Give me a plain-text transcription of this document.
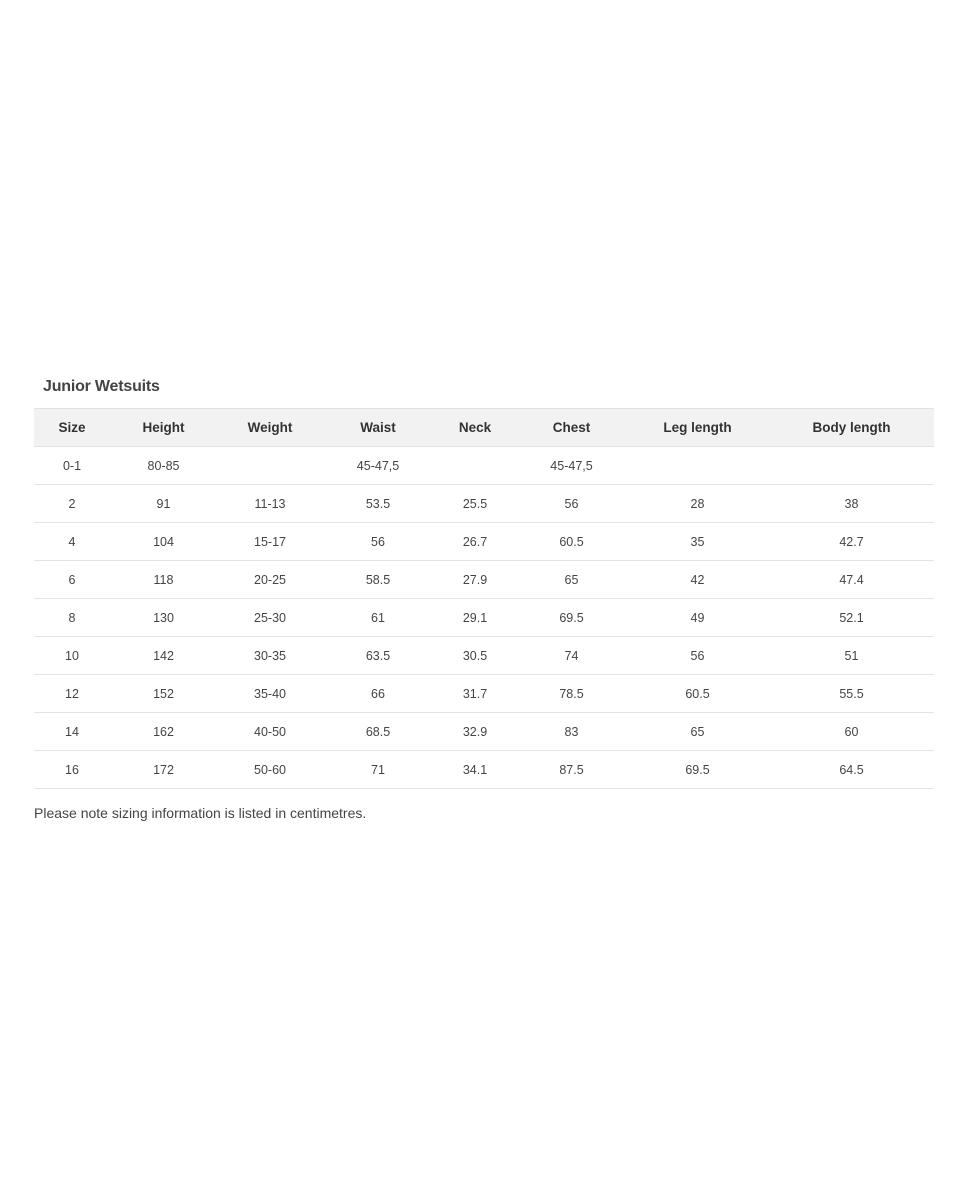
Junior Wetsuits
Size	Height	Weight	Waist	Neck	Chest	Leg length	Body length
0-1	80-85		45-47,5		45-47,5		
2	91	11-13	53.5	25.5	56	28	38
4	104	15-17	56	26.7	60.5	35	42.7
6	118	20-25	58.5	27.9	65	42	47.4
8	130	25-30	61	29.1	69.5	49	52.1
10	142	30-35	63.5	30.5	74	56	51
12	152	35-40	66	31.7	78.5	60.5	55.5
14	162	40-50	68.5	32.9	83	65	60
16	172	50-60	71	34.1	87.5	69.5	64.5
Please note sizing information is listed in centimetres.
